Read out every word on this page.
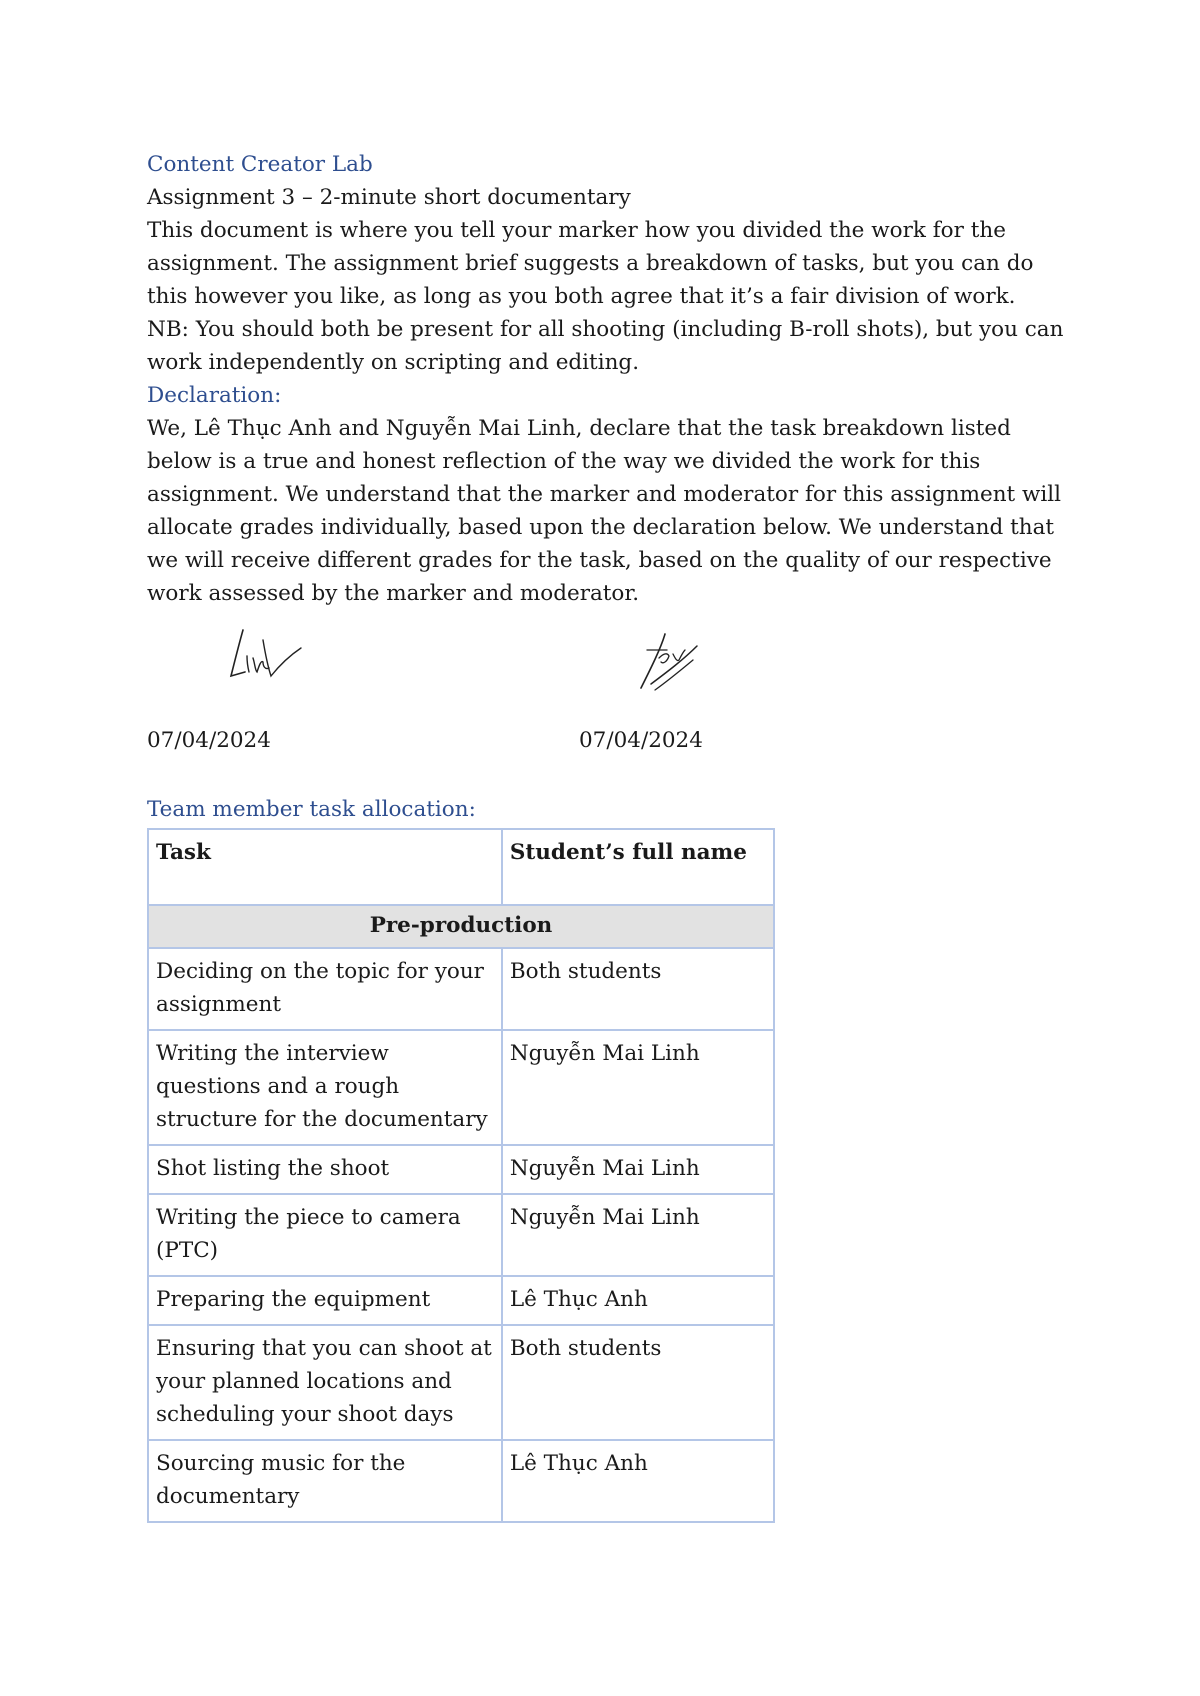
Content Creator Lab

Assignment 3 – 2-minute short documentary

This document is where you tell your marker how you divided the work for the assignment. The assignment brief suggests a breakdown of tasks, but you can do this however you like, as long as you both agree that it’s a fair division of work.

NB: You should both be present for all shooting (including B-roll shots), but you can work independently on scripting and editing.

Declaration:

We, Lê Thục Anh and Nguyễn Mai Linh, declare that the task breakdown listed below is a true and honest reflection of the way we divided the work for this assignment. We understand that the marker and moderator for this assignment will allocate grades individually, based upon the declaration below. We understand that we will receive different grades for the task, based on the quality of our respective work assessed by the marker and moderator.

07/04/2024	07/04/2024

Team member task allocation:

Task	Student’s full name
Pre-production	
Deciding on the topic for your assignment	Both students
Writing the interview questions and a rough structure for the documentary	Nguyễn Mai Linh
Shot listing the shoot	Nguyễn Mai Linh
Writing the piece to camera (PTC)	Nguyễn Mai Linh
Preparing the equipment	Lê Thục Anh
Ensuring that you can shoot at your planned locations and scheduling your shoot days	Both students
Sourcing music for the documentary	Lê Thục Anh
